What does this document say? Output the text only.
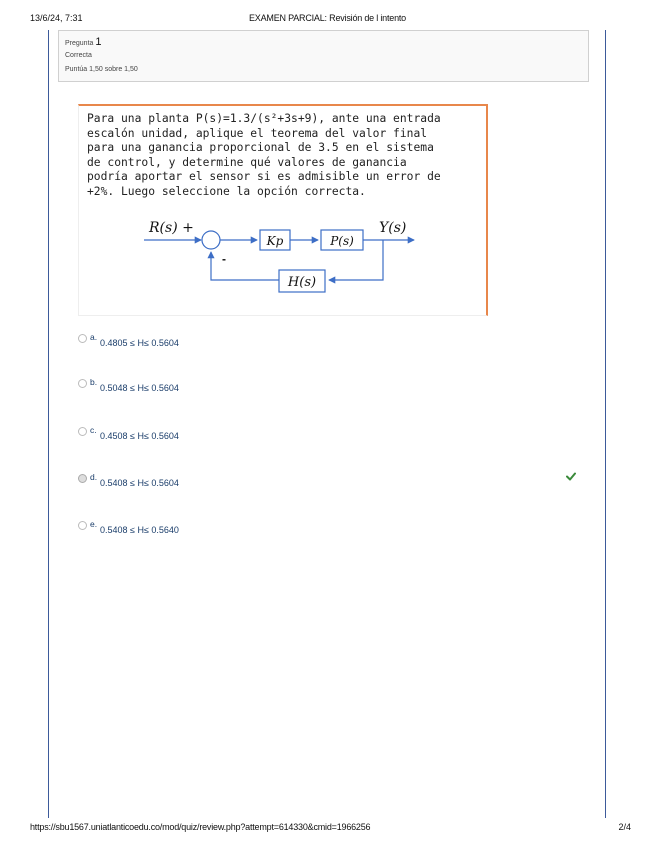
13/6/24, 7:31	EXAMEN PARCIAL: Revisión de l intento
Pregunta 1
Correcta
Puntúa 1,50 sobre 1,50
Para una planta P(s)=1.3/(s²+3s+9), ante una entrada
escalón unidad, aplique el teorema del valor final
para una ganancia proporcional de 3.5 en el sistema
de control, y determine qué valores de ganancia
podría aportar el sensor si es admisible un error de
+2%. Luego seleccione la opción correcta.
R(s) +
-
Kp	P(s)
Y(s)
H(s)
a.
0.4805 ≤ H≤ 0.5604
b.
0.5048 ≤ H≤ 0.5604
c.
0.4508 ≤ H≤ 0.5604
d.
0.5408 ≤ H≤ 0.5604
e.
0.5408 ≤ H≤ 0.5640
https://sbu1567.uniatlanticoedu.co/mod/quiz/review.php?attempt=614330&cmid=1966256	2/4
